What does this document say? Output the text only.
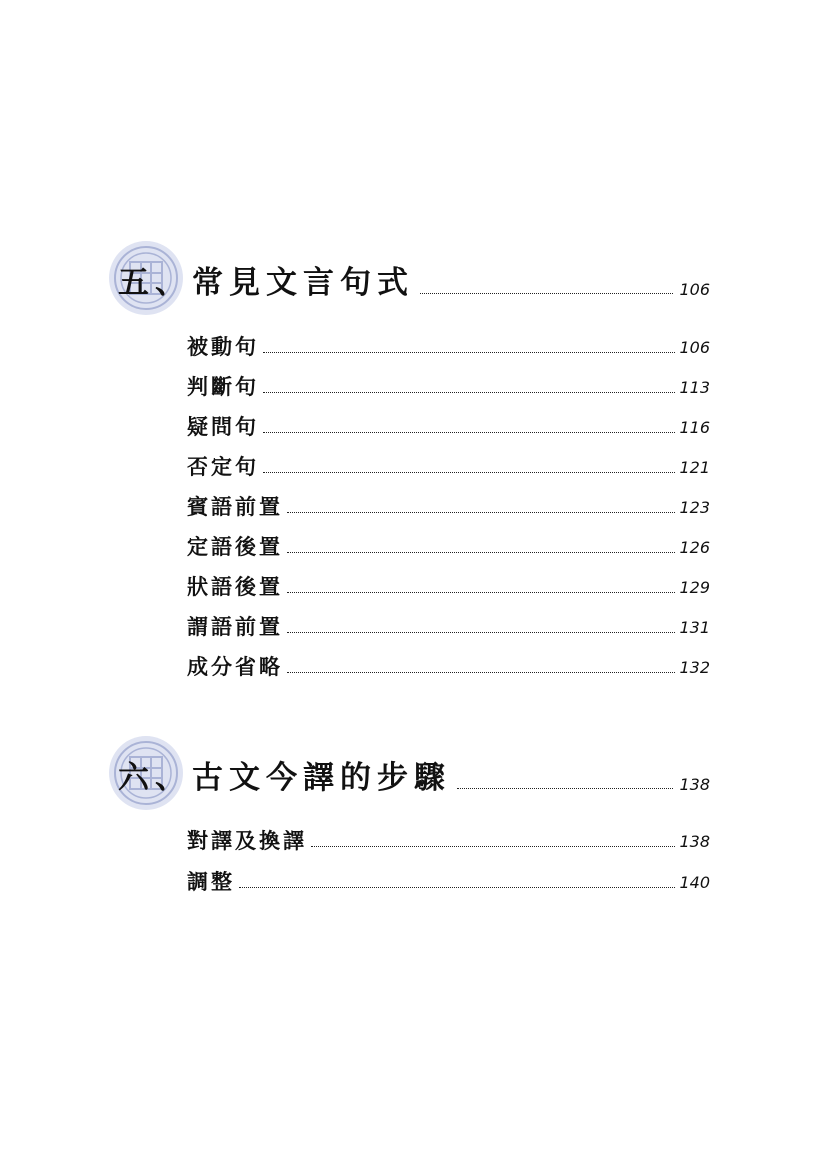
五、常見文言句式	106
被動句	106
判斷句	113
疑問句	116
否定句	121
賓語前置	123
定語後置	126
狀語後置	129
謂語前置	131
成分省略	132
六、古文今譯的步驟	138
對譯及換譯	138
調整	140
